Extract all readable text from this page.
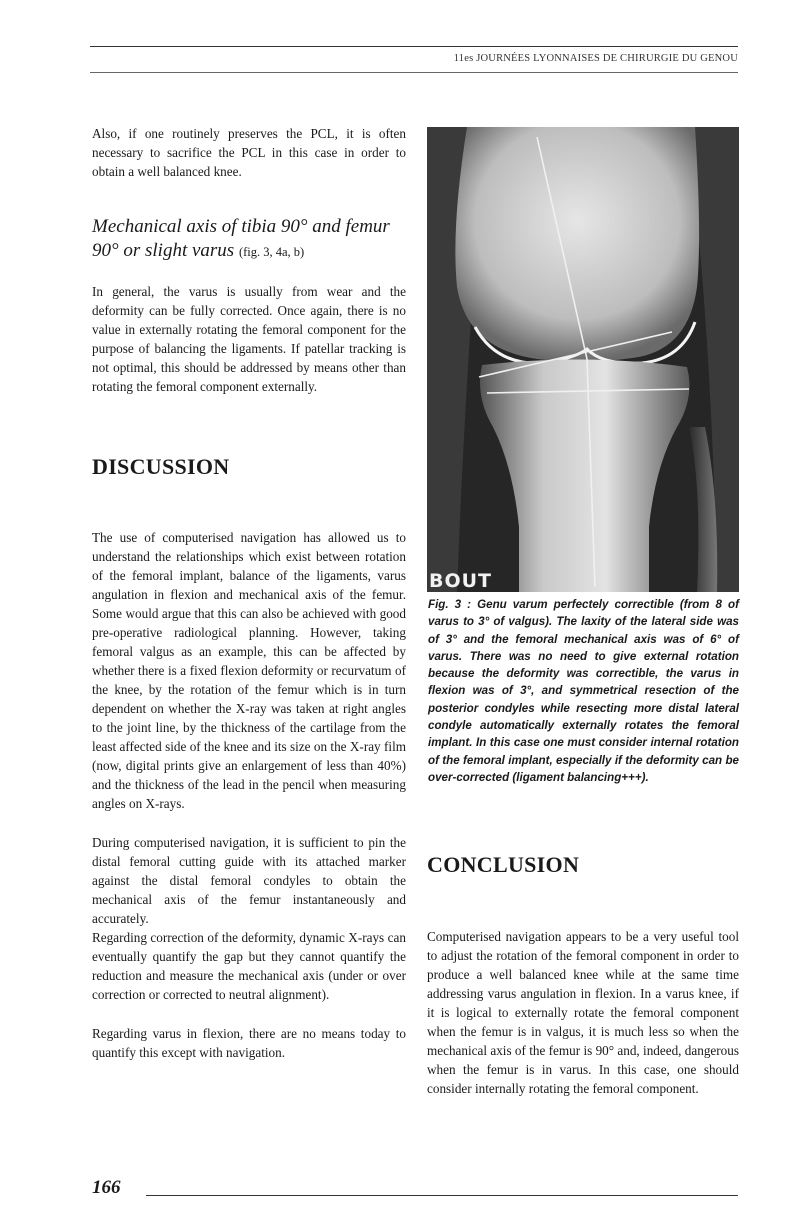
11es JOURNÉES LYONNAISES DE CHIRURGIE DU GENOU

Also, if one routinely preserves the PCL, it is often necessary to sacrifice the PCL in this case in order to obtain a well balanced knee.

Mechanical axis of tibia 90° and femur 90° or slight varus (fig. 3, 4a, b)

In general, the varus is usually from wear and the deformity can be fully corrected. Once again, there is no value in externally rotating the femoral component for the purpose of balancing the ligaments. If patellar tracking is not optimal, this should be addressed by means other than rotating the femoral component externally.

DISCUSSION

The use of computerised navigation has allowed us to understand the relationships which exist between rotation of the femoral implant, balance of the ligaments, varus angulation in flexion and mechanical axis of the femur. Some would argue that this can also be achieved with good pre-operative radiological planning. However, taking femoral valgus as an example, this can be affected by whether there is a fixed flexion deformity or recurvatum of the knee, by the rotation of the femur which is in turn dependent on whether the X-ray was taken at right angles to the joint line, by the thickness of the cartilage from the least affected side of the knee and its size on the X-ray film (now, digital prints give an enlargement of less than 40%) and the thickness of the lead in the pencil when measuring angles on X-rays.

During computerised navigation, it is sufficient to pin the distal femoral cutting guide with its attached marker against the distal femoral condyles to obtain the mechanical axis of the femur instantaneously and accurately.

Regarding correction of the deformity, dynamic X-rays can eventually quantify the gap but they cannot quantify the reduction and measure the mechanical axis (under or over correction or corrected to neutral alignment).

Regarding varus in flexion, there are no means today to quantify this except with navigation.

BOUT

Fig. 3 : Genu varum perfectely correctible (from 8 of varus to 3° of valgus). The laxity of the lateral side was of 3° and the femoral mechanical axis was of 6° of varus. There was no need to give external rotation because the deformity was correctible, the varus in flexion was of 3°, and symmetrical resection of the posterior condyles while resecting more distal lateral condyle automatically externally rotates the femoral implant. In this case one must consider internal rotation of the femoral implant, especially if the deformity can be over-corrected (ligament balancing+++).

CONCLUSION

Computerised navigation appears to be a very useful tool to adjust the rotation of the femoral component in order to produce a well balanced knee while at the same time addressing varus angulation in flexion. In a varus knee, if it is logical to externally rotate the femoral component when the femur is in valgus, it is much less so when the mechanical axis of the femur is 90° and, indeed, dangerous when the femur is in varus. In this case, one should consider internally rotating the femoral component.

166
